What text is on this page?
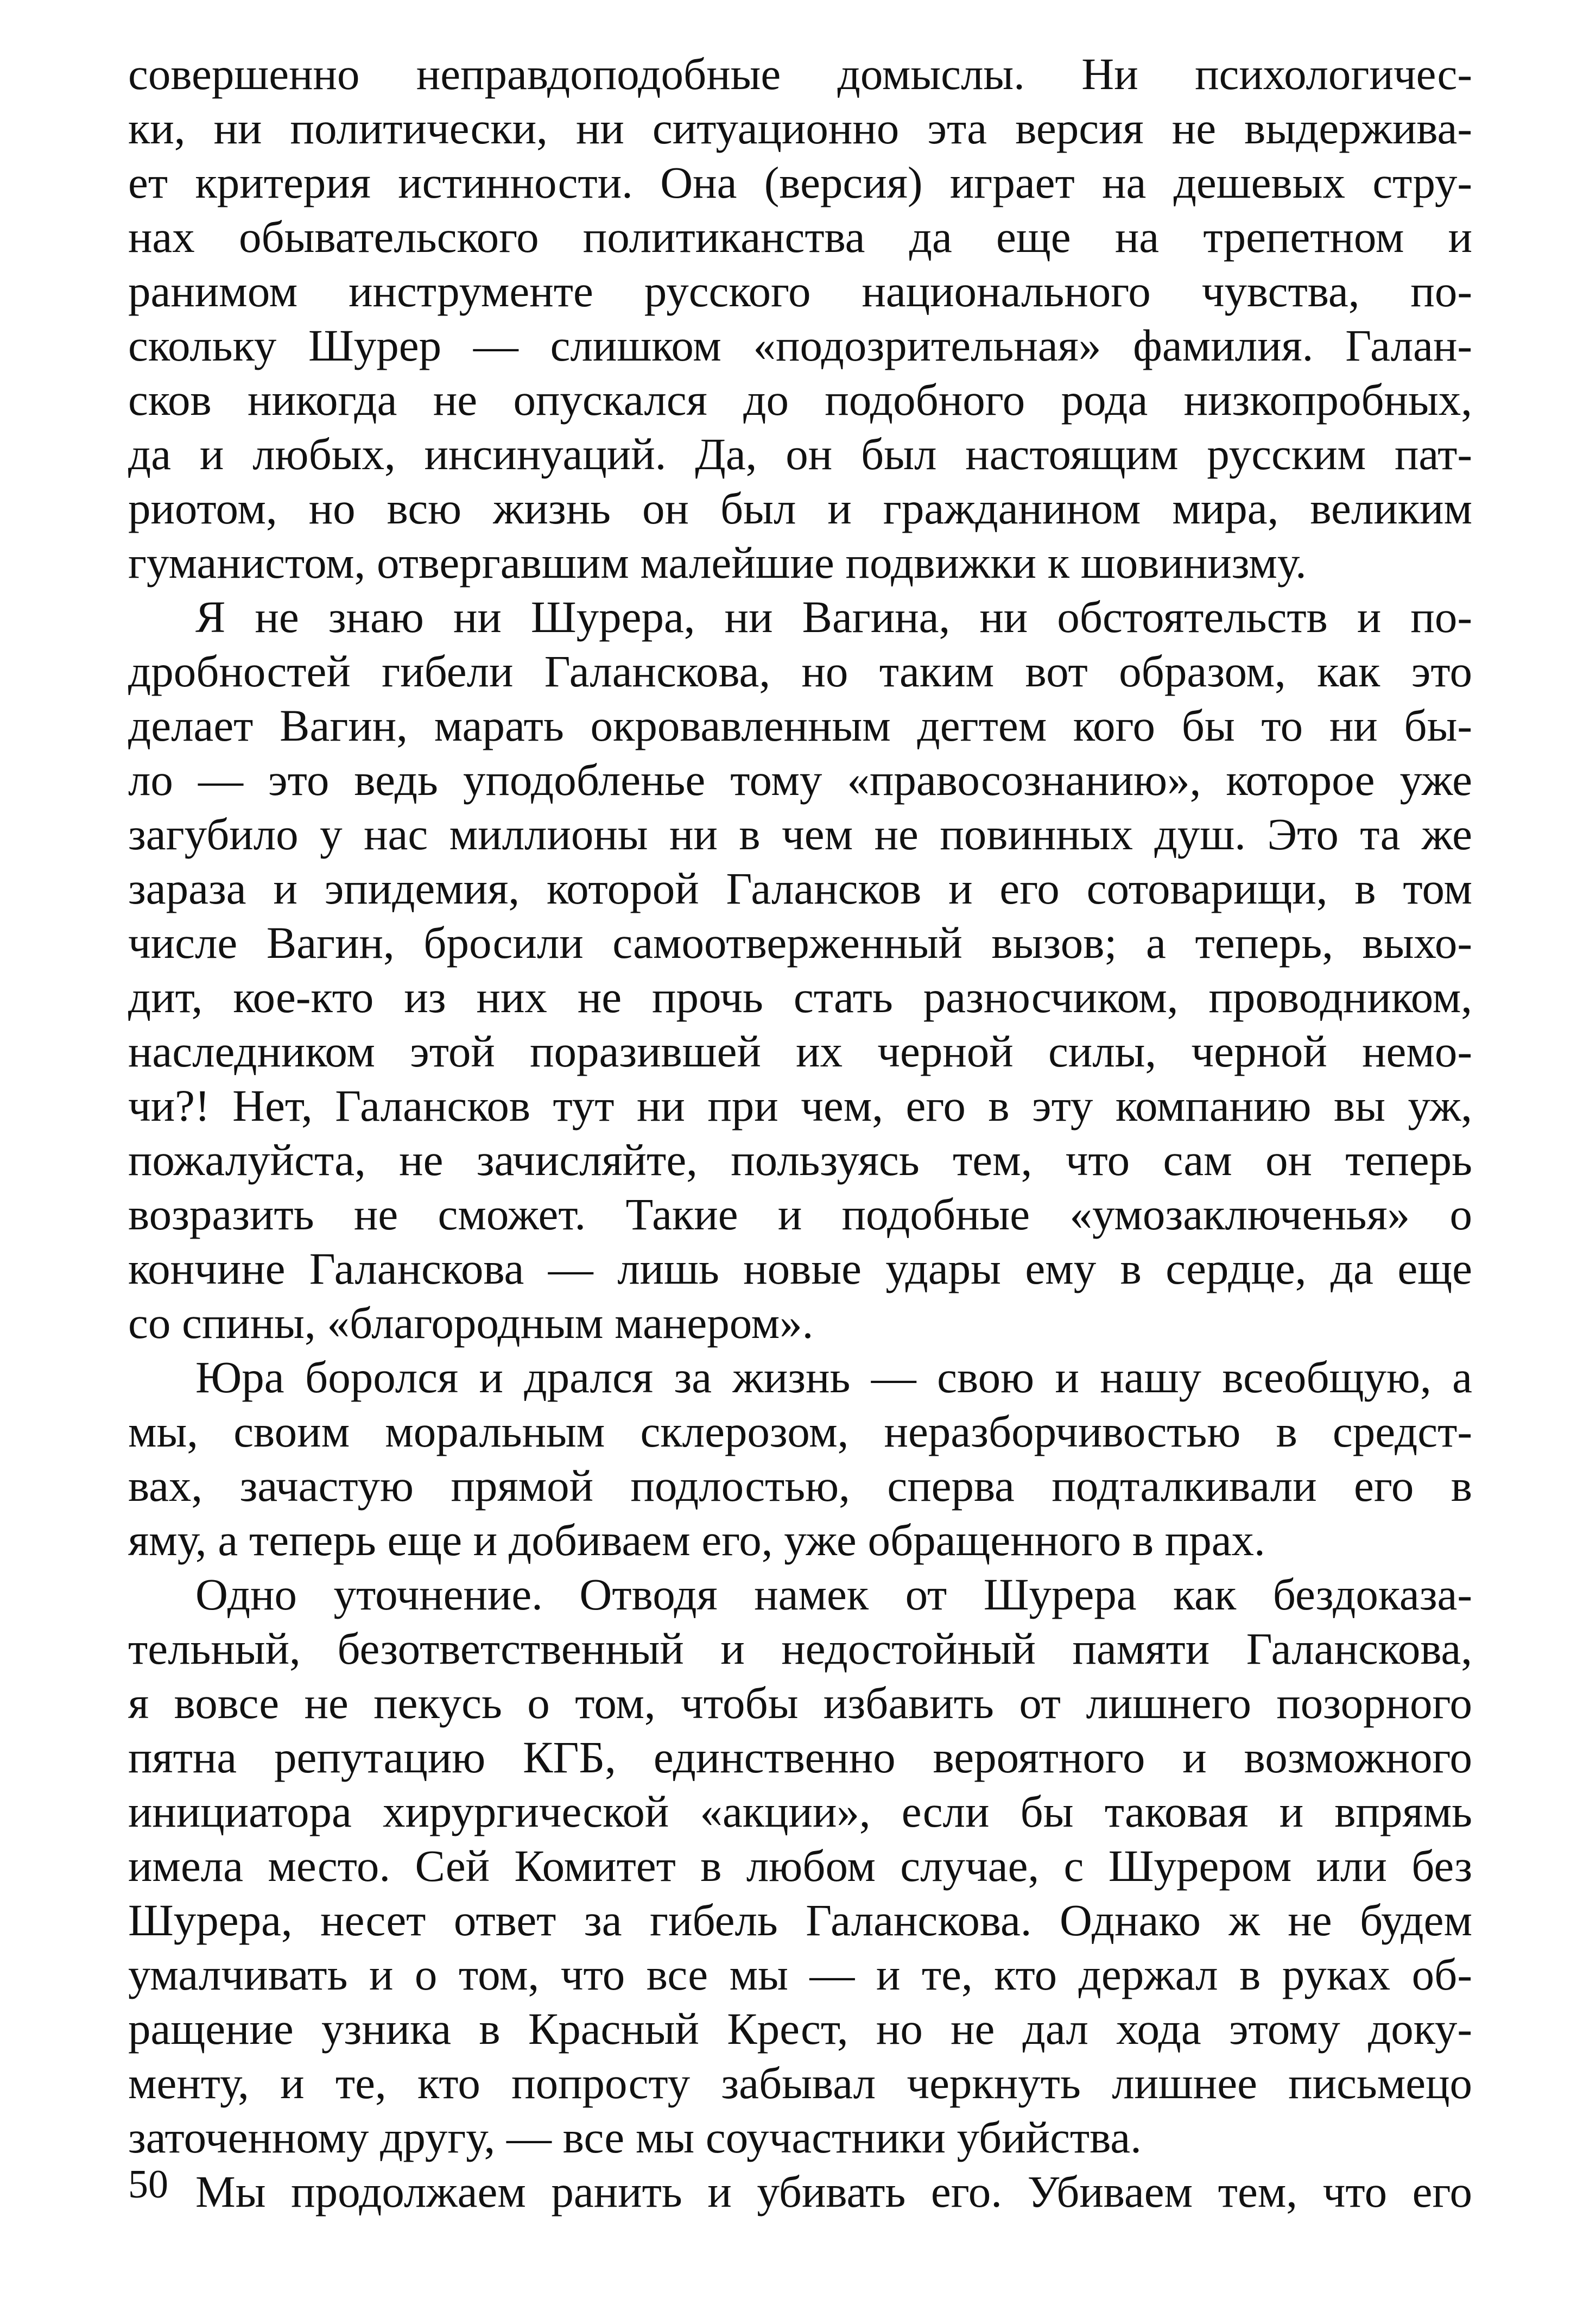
совершенно неправдоподобные домыслы. Ни психологичес-
ки, ни политически, ни ситуационно эта версия не выдержива-
ет критерия истинности. Она (версия) играет на дешевых стру-
нах обывательского политиканства да еще на трепетном и
ранимом инструменте русского национального чувства, по-
скольку Шурер — слишком «подозрительная» фамилия. Галан-
сков никогда не опускался до подобного рода низкопробных,
да и любых, инсинуаций. Да, он был настоящим русским пат-
риотом, но всю жизнь он был и гражданином мира, великим
гуманистом, отвергавшим малейшие подвижки к шовинизму.
Я не знаю ни Шурера, ни Вагина, ни обстоятельств и по-
дробностей гибели Галанскова, но таким вот образом, как это
делает Вагин, марать окровавленным дегтем кого бы то ни бы-
ло — это ведь уподобленье тому «правосознанию», которое уже
загубило у нас миллионы ни в чем не повинных душ. Это та же
зараза и эпидемия, которой Галансков и его сотоварищи, в том
числе Вагин, бросили самоотверженный вызов; а теперь, выхо-
дит, кое-кто из них не прочь стать разносчиком, проводником,
наследником этой поразившей их черной силы, черной немо-
чи?! Нет, Галансков тут ни при чем, его в эту компанию вы уж,
пожалуйста, не зачисляйте, пользуясь тем, что сам он теперь
возразить не сможет. Такие и подобные «умозаключенья» о
кончине Галанскова — лишь новые удары ему в сердце, да еще
со спины, «благородным манером».
Юра боролся и дрался за жизнь — свою и нашу всеобщую, а
мы, своим моральным склерозом, неразборчивостью в средст-
вах, зачастую прямой подлостью, сперва подталкивали его в
яму, а теперь еще и добиваем его, уже обращенного в прах.
Одно уточнение. Отводя намек от Шурера как бездоказа-
тельный, безответственный и недостойный памяти Галанскова,
я вовсе не пекусь о том, чтобы избавить от лишнего позорного
пятна репутацию КГБ, единственно вероятного и возможного
инициатора хирургической «акции», если бы таковая и впрямь
имела место. Сей Комитет в любом случае, с Шурером или без
Шурера, несет ответ за гибель Галанскова. Однако ж не будем
умалчивать и о том, что все мы — и те, кто держал в руках об-
ращение узника в Красный Крест, но не дал хода этому доку-
менту, и те, кто попросту забывал черкнуть лишнее письмецо
заточенному другу, — все мы соучастники убийства.
Мы продолжаем ранить и убивать его. Убиваем тем, что его
50
